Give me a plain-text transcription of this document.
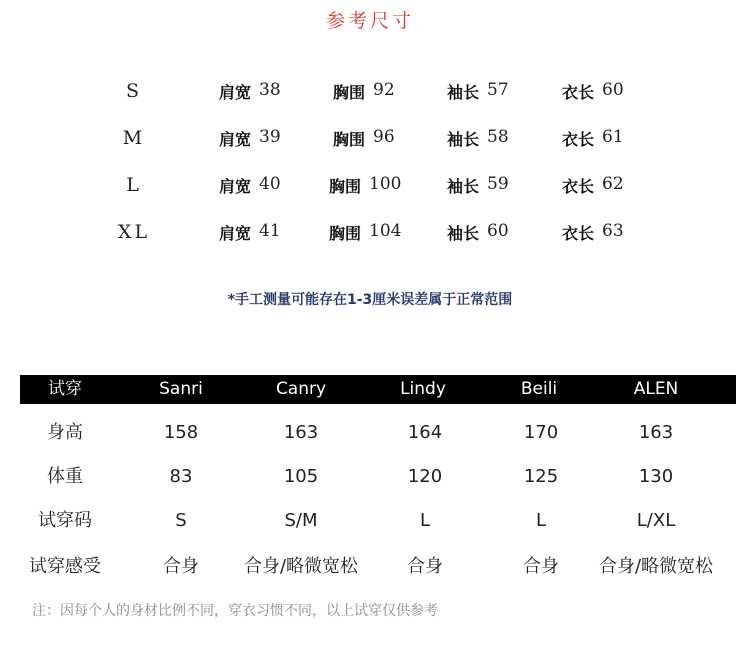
参考尺寸
S	肩宽 38	胸围 92	袖长 57	衣长 60
M	肩宽 39	胸围 96	袖长 58	衣长 61
L	肩宽 40	胸围 100	袖长 59	衣长 62
XL	肩宽 41	胸围 104	袖长 60	衣长 63
*手工测量可能存在1-3厘米误差属于正常范围
试穿	Sanri	Canry	Lindy	Beili	ALEN
身高	158	163	164	170	163
体重	83	105	120	125	130
试穿码	S	S/M	L	L	L/XL
试穿感受	合身	合身/略微宽松	合身	合身	合身/略微宽松
注：因每个人的身材比例不同，穿衣习惯不同，以上试穿仅供参考
